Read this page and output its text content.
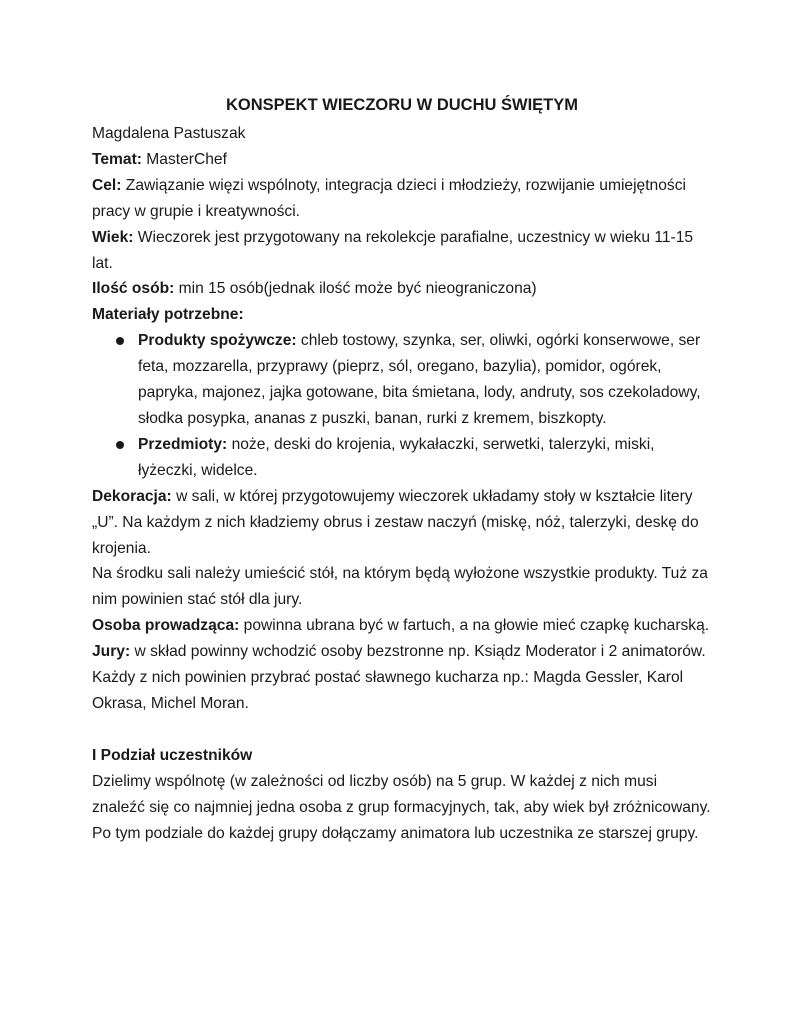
KONSPEKT WIECZORU W DUCHU ŚWIĘTYM

Magdalena Pastuszak

Temat: MasterChef

Cel: Zawiązanie więzi wspólnoty, integracja dzieci i młodzieży, rozwijanie umiejętności pracy w grupie i kreatywności.

Wiek: Wieczorek jest przygotowany na rekolekcje parafialne, uczestnicy w wieku 11-15 lat.

Ilość osób: min 15 osób(jednak ilość może być nieograniczona)

Materiały potrzebne:

Produkty spożywcze: chleb tostowy, szynka, ser, oliwki, ogórki konserwowe, ser feta, mozzarella, przyprawy (pieprz, sól, oregano, bazylia), pomidor, ogórek, papryka, majonez, jajka gotowane, bita śmietana, lody, andruty, sos czekoladowy, słodka posypka, ananas z puszki, banan, rurki z kremem, biszkopty.
Przedmioty: noże, deski do krojenia, wykałaczki, serwetki, talerzyki, miski, łyżeczki, widelce.

Dekoracja: w sali, w której przygotowujemy wieczorek układamy stoły w kształcie litery „U”. Na każdym z nich kładziemy obrus i zestaw naczyń (miskę, nóż, talerzyki, deskę do krojenia.

Na środku sali należy umieścić stół, na którym będą wyłożone wszystkie produkty. Tuż za nim powinien stać stół dla jury.

Osoba prowadząca: powinna ubrana być w fartuch, a na głowie mieć czapkę kucharską.

Jury: w skład powinny wchodzić osoby bezstronne np. Ksiądz Moderator i 2 animatorów. Każdy z nich powinien przybrać postać sławnego kucharza np.: Magda Gessler, Karol Okrasa, Michel Moran.

I Podział uczestników

Dzielimy wspólnotę (w zależności od liczby osób) na 5 grup. W każdej z nich musi znaleźć się co najmniej jedna osoba z grup formacyjnych, tak, aby wiek był zróżnicowany. Po tym podziale do każdej grupy dołączamy animatora lub uczestnika ze starszej grupy.
